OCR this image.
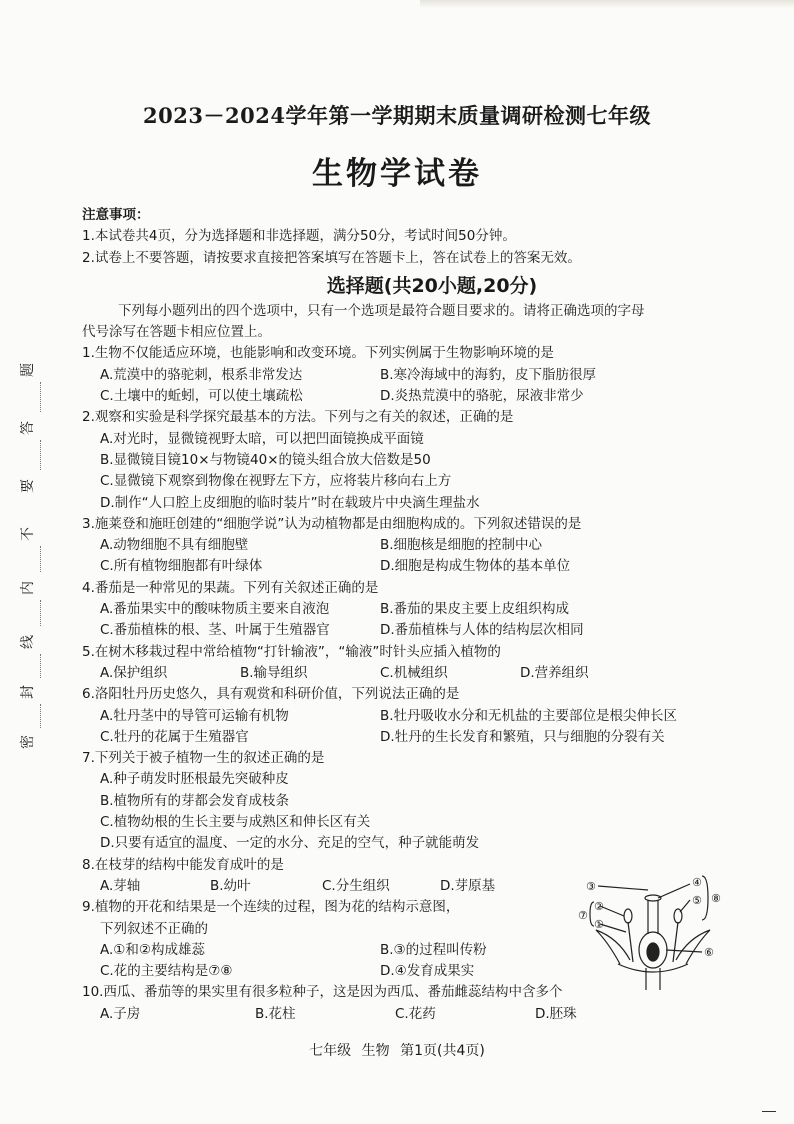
2023－2024学年第一学期期末质量调研检测七年级
生物学试卷
题
答
要
不
内
线
封
密
注意事项：
1.本试卷共4页，分为选择题和非选择题，满分50分，考试时间50分钟。
2.试卷上不要答题，请按要求直接把答案填写在答题卡上，答在试卷上的答案无效。
选择题(共20小题,20分)
下列每小题列出的四个选项中，只有一个选项是最符合题目要求的。请将正确选项的字母
代号涂写在答题卡相应位置上。
1.生物不仅能适应环境，也能影响和改变环境。下列实例属于生物影响环境的是
A.荒漠中的骆驼刺，根系非常发达	B.寒冷海域中的海豹，皮下脂肪很厚
C.土壤中的蚯蚓，可以使土壤疏松	D.炎热荒漠中的骆驼，尿液非常少
2.观察和实验是科学探究最基本的方法。下列与之有关的叙述，正确的是
A.对光时，显微镜视野太暗，可以把凹面镜换成平面镜
B.显微镜目镜10×与物镜40×的镜头组合放大倍数是50
C.显微镜下观察到物像在视野左下方，应将装片移向右上方
D.制作“人口腔上皮细胞的临时装片”时在载玻片中央滴生理盐水
3.施莱登和施旺创建的“细胞学说”认为动植物都是由细胞构成的。下列叙述错误的是
A.动物细胞不具有细胞壁	B.细胞核是细胞的控制中心
C.所有植物细胞都有叶绿体	D.细胞是构成生物体的基本单位
4.番茄是一种常见的果蔬。下列有关叙述正确的是
A.番茄果实中的酸味物质主要来自液泡	B.番茄的果皮主要上皮组织构成
C.番茄植株的根、茎、叶属于生殖器官	D.番茄植株与人体的结构层次相同
5.在树木移栽过程中常给植物“打针输液”，“输液”时针头应插入植物的
A.保护组织	B.输导组织	C.机械组织	D.营养组织
6.洛阳牡丹历史悠久，具有观赏和科研价值，下列说法正确的是
A.牡丹茎中的导管可运输有机物	B.牡丹吸收水分和无机盐的主要部位是根尖伸长区
C.牡丹的花属于生殖器官	D.牡丹的生长发育和繁殖，只与细胞的分裂有关
7.下列关于被子植物一生的叙述正确的是
A.种子萌发时胚根最先突破种皮
B.植物所有的芽都会发育成枝条
C.植物幼根的生长主要与成熟区和伸长区有关
D.只要有适宜的温度、一定的水分、充足的空气，种子就能萌发
8.在枝芽的结构中能发育成叶的是
A.芽轴	B.幼叶	C.分生组织	D.芽原基
9.植物的开花和结果是一个连续的过程，图为花的结构示意图，
下列叙述不正确的
A.①和②构成雄蕊	B.③的过程叫传粉
C.花的主要结构是⑦⑧	D.④发育成果实
10.西瓜、番茄等的果实里有很多粒种子，这是因为西瓜、番茄雌蕊结构中含多个
A.子房	B.花柱	C.花药	D.胚珠
③	④
⑤
⑦
②
①
⑧
⑥
七年级 生物 第1页(共4页)
